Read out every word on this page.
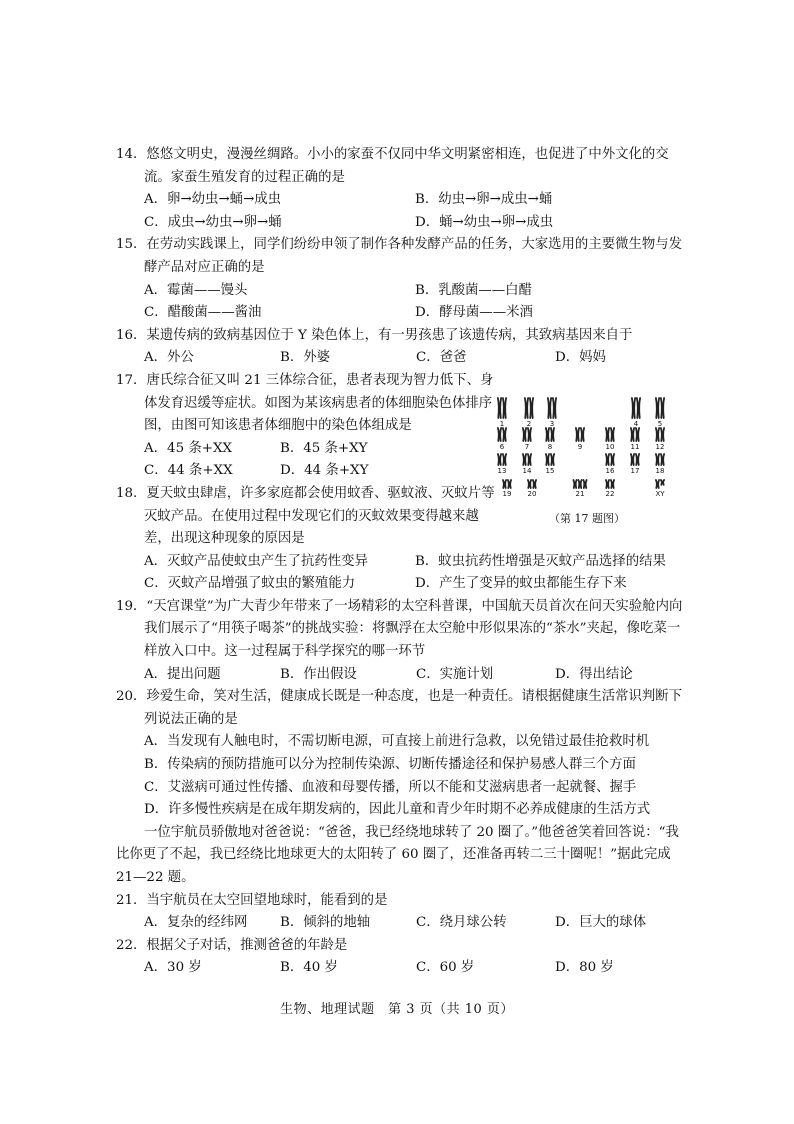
14．悠悠文明史，漫漫丝绸路。小小的家蚕不仅同中华文明紧密相连，也促进了中外文化的交流。家蚕生殖发育的过程正确的是
A．卵→幼虫→蛹→成虫	B．幼虫→卵→成虫→蛹
C．成虫→幼虫→卵→蛹	D．蛹→幼虫→卵→成虫
15．在劳动实践课上，同学们纷纷申领了制作各种发酵产品的任务，大家选用的主要微生物与发酵产品对应正确的是
A．霉菌——馒头	B．乳酸菌——白醋
C．醋酸菌——酱油	D．酵母菌——米酒
16．某遗传病的致病基因位于 Y 染色体上，有一男孩患了该遗传病，其致病基因来自于
A．外公	B．外婆	C．爸爸	D．妈妈
17．唐氏综合征又叫 21 三体综合征，患者表现为智力低下、身体发育迟缓等症状。如图为某该病患者的体细胞染色体排序图，由图可知该患者体细胞中的染色体组成是
A．45 条+XX	B．45 条+XY
C．44 条+XX	D．44 条+XY
18．夏天蚊虫肆虐，许多家庭都会使用蚊香、驱蚊液、灭蚊片等灭蚊产品。在使用过程中发现它们的灭蚊效果变得越来越差，出现这种现象的原因是
A．灭蚊产品使蚊虫产生了抗药性变异	B．蚊虫抗药性增强是灭蚊产品选择的结果
C．灭蚊产品增强了蚊虫的繁殖能力	D．产生了变异的蚊虫都能生存下来
19．“天宫课堂”为广大青少年带来了一场精彩的太空科普课，中国航天员首次在问天实验舱内向我们展示了“用筷子喝茶”的挑战实验：将飘浮在太空舱中形似果冻的“茶水”夹起，像吃菜一样放入口中。这一过程属于科学探究的哪一环节
A．提出问题	B．作出假设	C．实施计划	D．得出结论
20．珍爱生命，笑对生活，健康成长既是一种态度，也是一种责任。请根据健康生活常识判断下列说法正确的是
A．当发现有人触电时，不需切断电源，可直接上前进行急救，以免错过最佳抢救时机
B．传染病的预防措施可以分为控制传染源、切断传播途径和保护易感人群三个方面
C．艾滋病可通过性传播、血液和母婴传播，所以不能和艾滋病患者一起就餐、握手
D．许多慢性疾病是在成年期发病的，因此儿童和青少年时期不必养成健康的生活方式
一位宇航员骄傲地对爸爸说：“爸爸，我已经绕地球转了 20 圈了。”他爸爸笑着回答说：“我比你更了不起，我已经绕比地球更大的太阳转了 60 圈了，还准备再转二三十圈呢！”据此完成 21—22 题。
21．当宇航员在太空回望地球时，能看到的是
A．复杂的经纬网	B．倾斜的地轴	C．绕月球公转	D．巨大的球体
22．根据父子对话，推测爸爸的年龄是
A．30 岁	B．40 岁	C．60 岁	D．80 岁
1	2	3	4	5
6	7	8	9	10 11 12
13 14 15	16 17 18
19 20	21	22	XY
（第 17 题图）
生物、地理试题　第 3 页（共 10 页）
